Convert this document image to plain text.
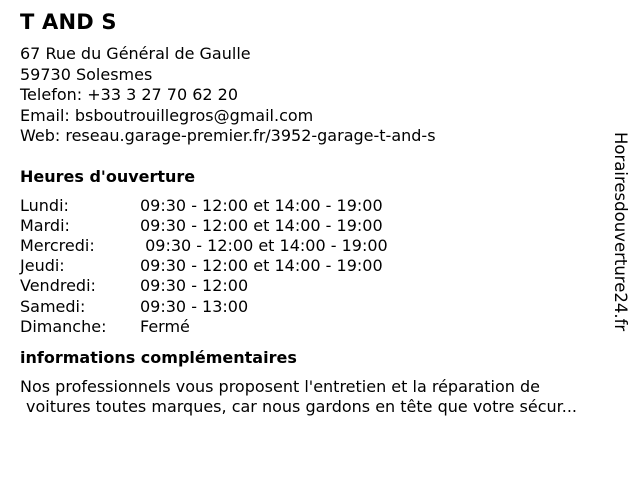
T AND S
67 Rue du Général de Gaulle
59730 Solesmes
Telefon: +33 3 27 70 62 20
Email: bsboutrouillegros@gmail.com
Web: reseau.garage-premier.fr/3952-garage-t-and-s
Heures d'ouverture
Lundi:	09:30 - 12:00 et 14:00 - 19:00
Mardi:	09:30 - 12:00 et 14:00 - 19:00
Mercredi:	09:30 - 12:00 et 14:00 - 19:00
Jeudi:	09:30 - 12:00 et 14:00 - 19:00
Vendredi:	09:30 - 12:00
Samedi:	09:30 - 13:00
Dimanche:	Fermé
informations complémentaires
Nos professionnels vous proposent l'entretien et la réparation de
voitures toutes marques, car nous gardons en tête que votre sécur...
Horairesdouverture24.fr
